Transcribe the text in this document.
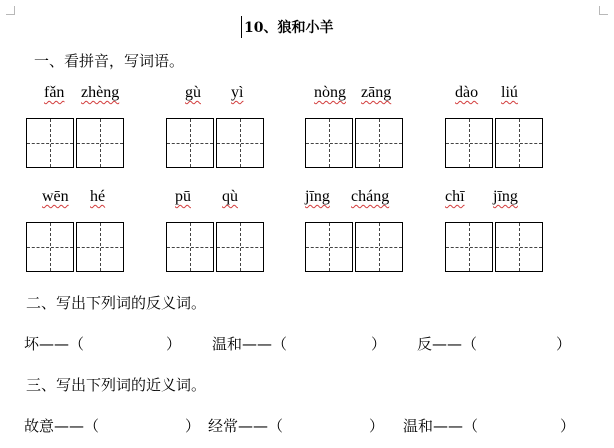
10、狼和小羊
一、看拼音，写词语。
fǎn zhèng	gù yì	nòng zāng	dào liú
wēn hé	pū qù	jīng cháng	chī jīng
二、写出下列词的反义词。
坏——（	） 温和——（	） 反——（	）
三、写出下列词的近义词。
故意——（	） 经常——（	） 温和——（	）
